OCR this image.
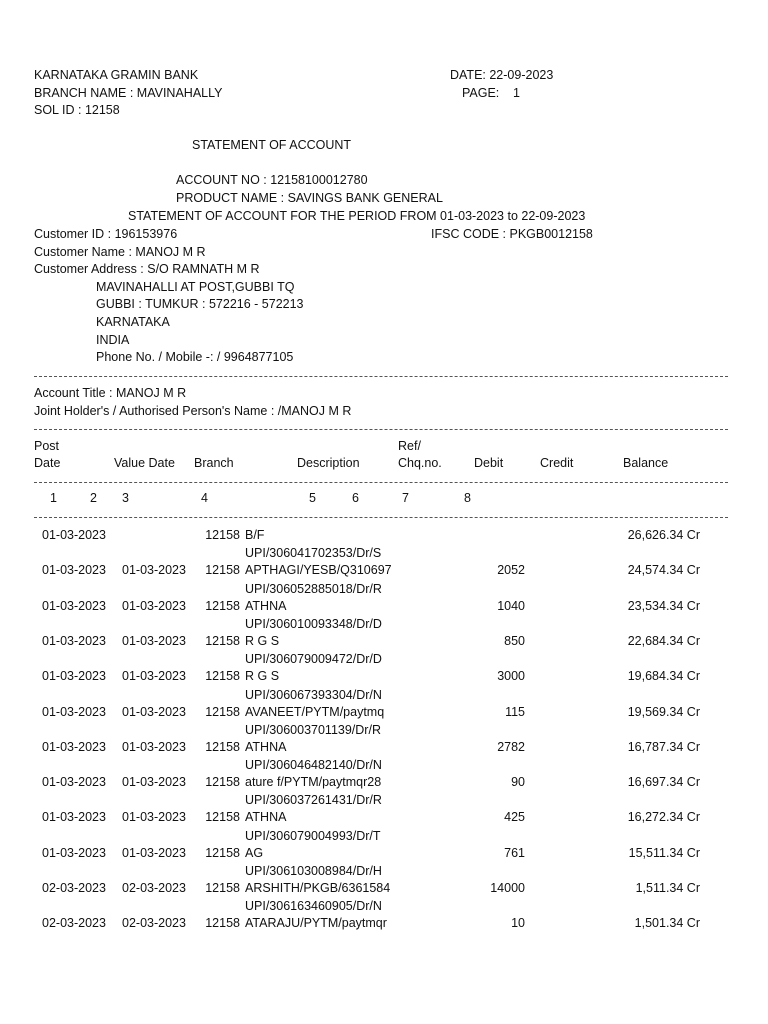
KARNATAKA GRAMIN BANK
BRANCH NAME : MAVINAHALLY
SOL ID : 12158
DATE: 22-09-2023
PAGE: 1
STATEMENT OF ACCOUNT
ACCOUNT NO : 12158100012780
PRODUCT NAME : SAVINGS BANK GENERAL
STATEMENT OF ACCOUNT FOR THE PERIOD FROM 01-03-2023 to 22-09-2023
Customer ID : 196153976	IFSC CODE : PKGB0012158
Customer Name : MANOJ M R
Customer Address : S/O RAMNATH M R
MAVINAHALLI AT POST,GUBBI TQ
GUBBI : TUMKUR : 572216 - 572213
KARNATAKA
INDIA
Phone No. / Mobile -: / 9964877105
Account Title : MANOJ M R
Joint Holder's / Authorised Person's Name : /MANOJ M R
Post
Date	Value Date Branch	Description
Ref/
Chq.no.	Debit	Credit	Balance
1	2 3	4	5	6	7	8
01-03-2023	12158 B/F	26,626.34 Cr
UPI/306041702353/Dr/S
01-03-2023 01-03-2023	12158 APTHAGI/YESB/Q310697	2052	24,574.34 Cr
UPI/306052885018/Dr/R
01-03-2023 01-03-2023	12158 ATHNA	1040	23,534.34 Cr
UPI/306010093348/Dr/D
01-03-2023 01-03-2023	12158 R G S	850	22,684.34 Cr
UPI/306079009472/Dr/D
01-03-2023 01-03-2023	12158 R G S	3000	19,684.34 Cr
UPI/306067393304/Dr/N
01-03-2023 01-03-2023	12158 AVANEET/PYTM/paytmq	115	19,569.34 Cr
UPI/306003701139/Dr/R
01-03-2023 01-03-2023	12158 ATHNA	2782	16,787.34 Cr
UPI/306046482140/Dr/N
01-03-2023 01-03-2023	12158 ature f/PYTM/paytmqr28	90	16,697.34 Cr
UPI/306037261431/Dr/R
01-03-2023 01-03-2023	12158 ATHNA	425	16,272.34 Cr
UPI/306079004993/Dr/T
01-03-2023 01-03-2023	12158 AG	761	15,511.34 Cr
UPI/306103008984/Dr/H
02-03-2023 02-03-2023	12158 ARSHITH/PKGB/6361584	14000	1,511.34 Cr
UPI/306163460905/Dr/N
02-03-2023 02-03-2023	12158 ATARAJU/PYTM/paytmqr	10	1,501.34 Cr
